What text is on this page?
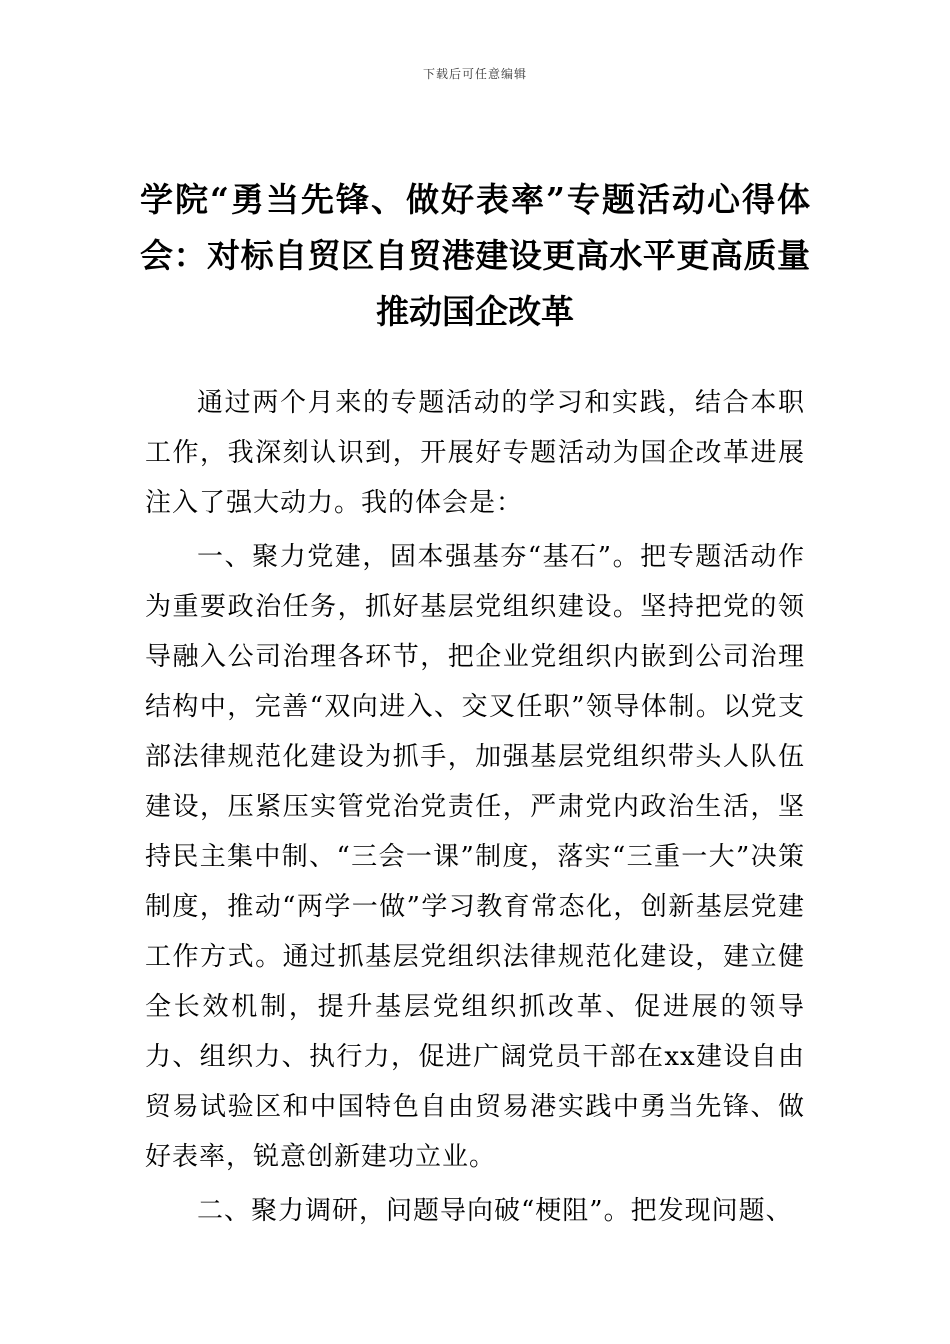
下载后可任意编辑
学院“勇当先锋、做好表率”专题活动心得体会：对标自贸区自贸港建设更高水平更高质量推动国企改革

通过两个月来的专题活动的学习和实践，结合本职工作，我深刻认识到，开展好专题活动为国企改革进展注入了强大动力。我的体会是：

一、聚力党建，固本强基夯“基石”。把专题活动作为重要政治任务，抓好基层党组织建设。坚持把党的领导融入公司治理各环节，把企业党组织内嵌到公司治理结构中，完善“双向进入、交叉任职”领导体制。以党支部法律规范化建设为抓手，加强基层党组织带头人队伍建设，压紧压实管党治党责任，严肃党内政治生活，坚持民主集中制、“三会一课”制度，落实“三重一大”决策制度，推动“两学一做”学习教育常态化，创新基层党建工作方式。通过抓基层党组织法律规范化建设，建立健全长效机制，提升基层党组织抓改革、促进展的领导力、组织力、执行力，促进广阔党员干部在xx建设自由贸易试验区和中国特色自由贸易港实践中勇当先锋、做好表率，锐意创新建功立业。

二、聚力调研，问题导向破“梗阻”。把发现问题、
